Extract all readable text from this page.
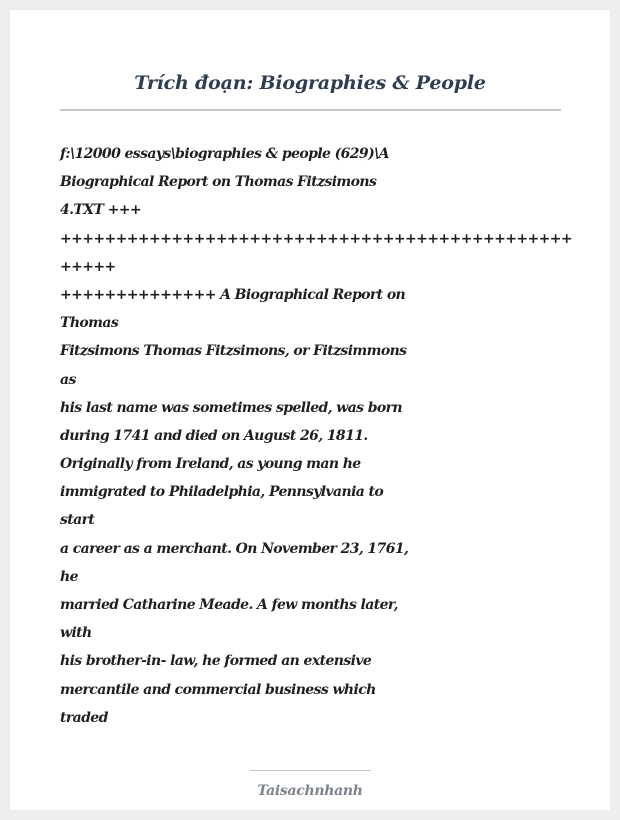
Trích đoạn: Biographies & People
f:\12000 essays\biographies & people (629)\A
Biographical Report on Thomas Fitzsimons
4.TXT +++
++++++++++++++++++++++++++++++++++++++++++++++
+++++
++++++++++++++ A Biographical Report on
Thomas
Fitzsimons Thomas Fitzsimons, or Fitzsimmons
as
his last name was sometimes spelled, was born
during 1741 and died on August 26, 1811.
Originally from Ireland, as young man he
immigrated to Philadelphia, Pennsylvania to
start
a career as a merchant. On November 23, 1761,
he
married Catharine Meade. A few months later,
with
his brother-in- law, he formed an extensive
mercantile and commercial business which
traded
Taisachnhanh
